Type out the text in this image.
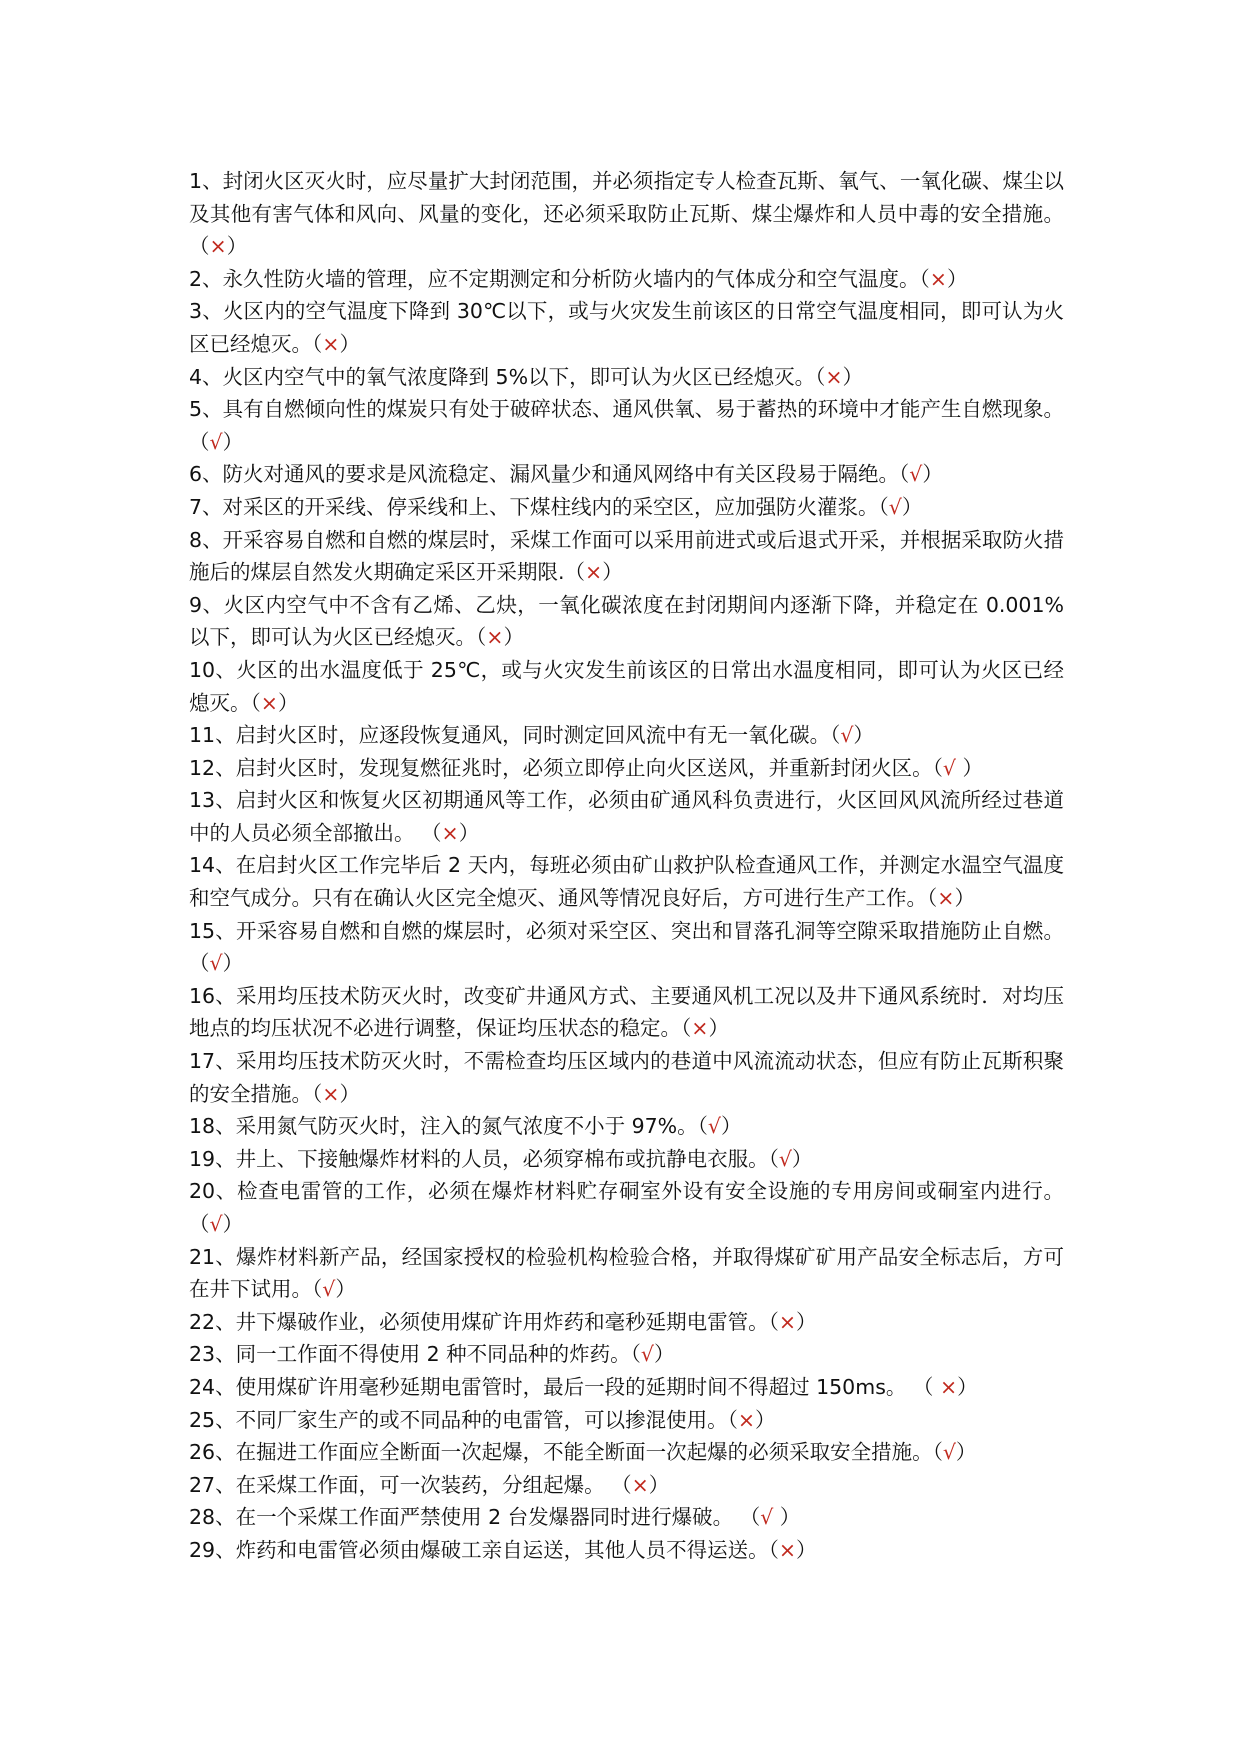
1、封闭火区灭火时，应尽量扩大封闭范围，并必须指定专人检查瓦斯、氧气、一氧化碳、煤尘以及其他有害气体和风向、风量的变化，还必须采取防止瓦斯、煤尘爆炸和人员中毒的安全措施。（×）
2、永久性防火墙的管理，应不定期测定和分析防火墙内的气体成分和空气温度。（×）
3、火区内的空气温度下降到 30℃以下，或与火灾发生前该区的日常空气温度相同，即可认为火区已经熄灭。（×）
4、火区内空气中的氧气浓度降到 5%以下，即可认为火区已经熄灭。（×）
5、具有自燃倾向性的煤炭只有处于破碎状态、通风供氧、易于蓄热的环境中才能产生自燃现象。（√）
6、防火对通风的要求是风流稳定、漏风量少和通风网络中有关区段易于隔绝。（√）
7、对采区的开采线、停采线和上、下煤柱线内的采空区，应加强防火灌浆。（√）
8、开采容易自燃和自燃的煤层时，采煤工作面可以采用前进式或后退式开采，并根据采取防火措施后的煤层自然发火期确定采区开采期限.（×）
9、火区内空气中不含有乙烯、乙炔，一氧化碳浓度在封闭期间内逐渐下降，并稳定在 0.001%以下，即可认为火区已经熄灭。（×）
10、火区的出水温度低于 25℃，或与火灾发生前该区的日常出水温度相同，即可认为火区已经熄灭。（×）
11、启封火区时，应逐段恢复通风，同时测定回风流中有无一氧化碳。（√）
12、启封火区时，发现复燃征兆时，必须立即停止向火区送风，并重新封闭火区。（√ ）
13、启封火区和恢复火区初期通风等工作，必须由矿通风科负责进行，火区回风风流所经过巷道中的人员必须全部撤出。 （×）
14、在启封火区工作完毕后 2 天内，每班必须由矿山救护队检查通风工作，并测定水温空气温度和空气成分。只有在确认火区完全熄灭、通风等情况良好后，方可进行生产工作。（×）
15、开采容易自燃和自燃的煤层时，必须对采空区、突出和冒落孔洞等空隙采取措施防止自燃。（√）
16、采用均压技术防灭火时，改变矿井通风方式、主要通风机工况以及井下通风系统时．对均压地点的均压状况不必进行调整，保证均压状态的稳定。（×）
17、采用均压技术防灭火时，不需检查均压区域内的巷道中风流流动状态，但应有防止瓦斯积聚的安全措施。（×）
18、采用氮气防灭火时，注入的氮气浓度不小于 97%。（√）
19、井上、下接触爆炸材料的人员，必须穿棉布或抗静电衣服。（√）
20、检查电雷管的工作，必须在爆炸材料贮存硐室外设有安全设施的专用房间或硐室内进行。 （√）
21、爆炸材料新产品，经国家授权的检验机构检验合格，并取得煤矿矿用产品安全标志后，方可在井下试用。（√）
22、井下爆破作业，必须使用煤矿许用炸药和毫秒延期电雷管。（×）
23、同一工作面不得使用 2 种不同品种的炸药。（√）
24、使用煤矿许用毫秒延期电雷管时，最后一段的延期时间不得超过 150ms。 （ ×）
25、不同厂家生产的或不同品种的电雷管，可以掺混使用。（×）
26、在掘进工作面应全断面一次起爆，不能全断面一次起爆的必须采取安全措施。（√）
27、在采煤工作面，可一次装药，分组起爆。 （×）
28、在一个采煤工作面严禁使用 2 台发爆器同时进行爆破。 （√ ）
29、炸药和电雷管必须由爆破工亲自运送，其他人员不得运送。（×）
